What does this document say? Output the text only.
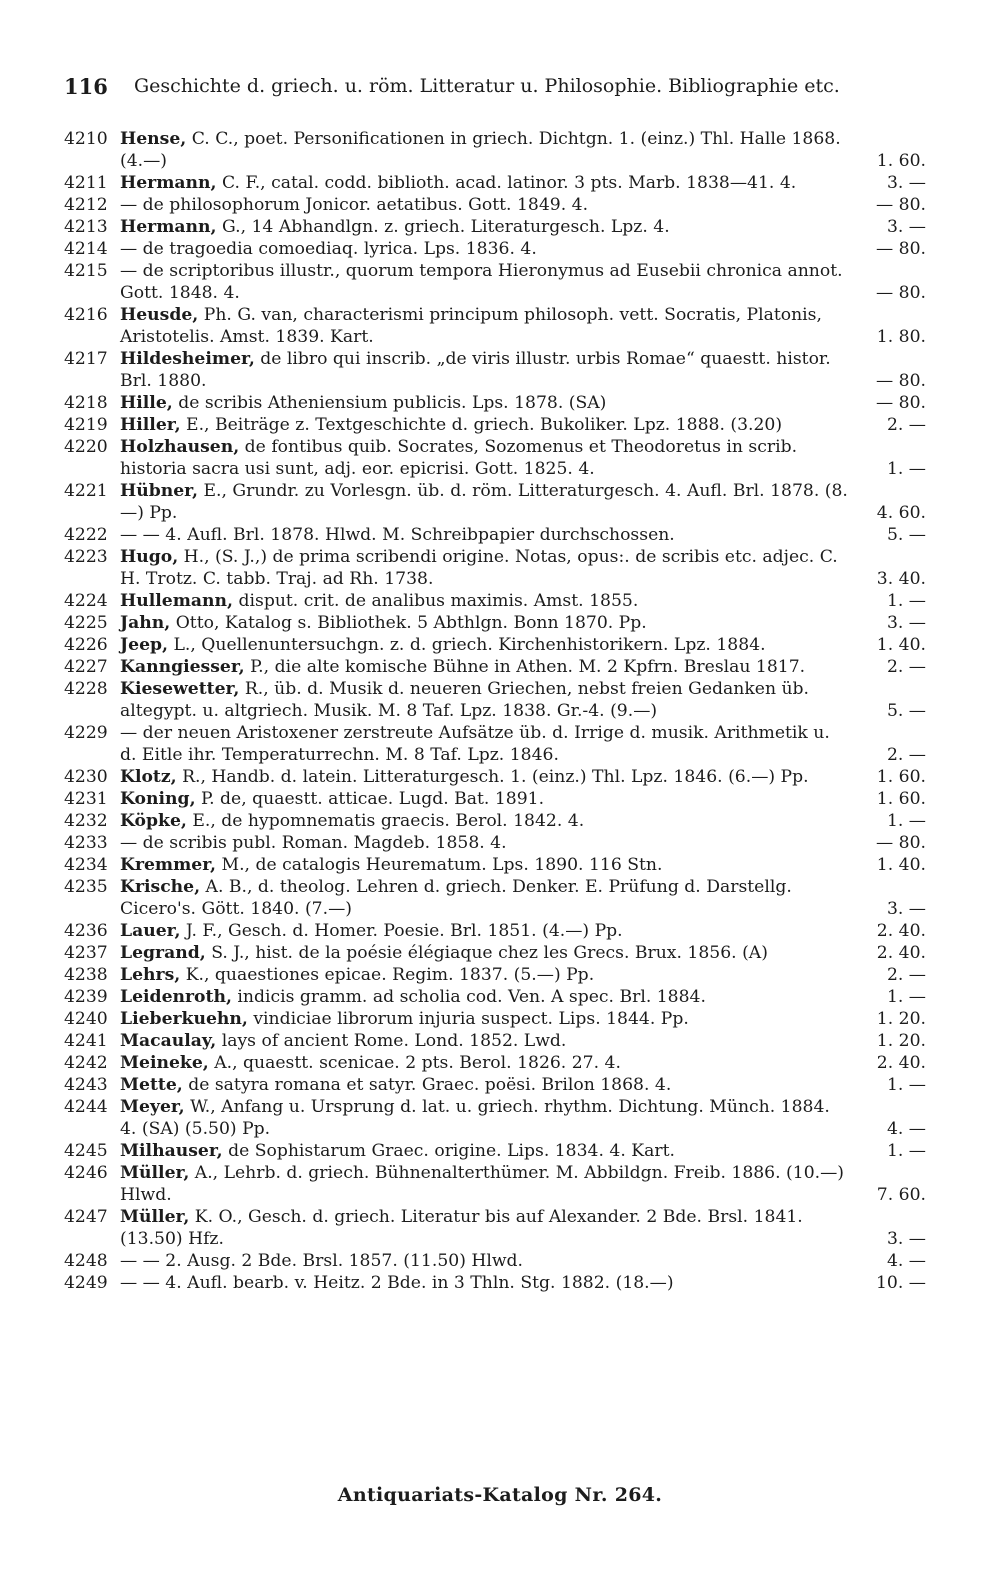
116 Geschichte d. griech. u. röm. Litteratur u. Philosophie. Bibliographie etc.
4210 Hense, C. C., poet. Personificationen in griech. Dichtgn. 1. (einz.) Thl. Halle 1868. (4.—)	1. 60.
4211 Hermann, C. F., catal. codd. biblioth. acad. latinor. 3 pts. Marb. 1838—41. 4.	3. —
4212 — de philosophorum Jonicor. aetatibus. Gott. 1849. 4.	— 80.
4213 Hermann, G., 14 Abhandlgn. z. griech. Literaturgesch. Lpz. 4.	3. —
4214 — de tragoedia comoediaq. lyrica. Lps. 1836. 4.	— 80.
4215 — de scriptoribus illustr., quorum tempora Hieronymus ad Eusebii chronica annot. Gott. 1848. 4.	— 80.
4216 Heusde, Ph. G. van, characterismi principum philosoph. vett. Socratis, Platonis, Aristotelis. Amst. 1839. Kart.	1. 80.
4217 Hildesheimer, de libro qui inscrib. „de viris illustr. urbis Romae“ quaestt. histor. Brl. 1880.	— 80.
4218 Hille, de scribis Atheniensium publicis. Lps. 1878. (SA)	— 80.
4219 Hiller, E., Beiträge z. Textgeschichte d. griech. Bukoliker. Lpz. 1888. (3.20)	2. —
4220 Holzhausen, de fontibus quib. Socrates, Sozomenus et Theodoretus in scrib. historia sacra usi sunt, adj. eor. epicrisi. Gott. 1825. 4.	1. —
4221 Hübner, E., Grundr. zu Vorlesgn. üb. d. röm. Litteraturgesch. 4. Aufl. Brl. 1878. (8.—) Pp.	4. 60.
4222 — — 4. Aufl. Brl. 1878. Hlwd. M. Schreibpapier durchschossen.	5. —
4223 Hugo, H., (S. J.,) de prima scribendi origine. Notas, opus:. de scribis etc. adjec. C. H. Trotz. C. tabb. Traj. ad Rh. 1738.	3. 40.
4224 Hullemann, disput. crit. de analibus maximis. Amst. 1855.	1. —
4225 Jahn, Otto, Katalog s. Bibliothek. 5 Abthlgn. Bonn 1870. Pp.	3. —
4226 Jeep, L., Quellenuntersuchgn. z. d. griech. Kirchenhistorikern. Lpz. 1884.	1. 40.
4227 Kanngiesser, P., die alte komische Bühne in Athen. M. 2 Kpfrn. Breslau 1817.	2. —
4228 Kiesewetter, R., üb. d. Musik d. neueren Griechen, nebst freien Gedanken üb. altegypt. u. altgriech. Musik. M. 8 Taf. Lpz. 1838. Gr.-4. (9.—)	5. —
4229 — der neuen Aristoxener zerstreute Aufsätze üb. d. Irrige d. musik. Arithmetik u. d. Eitle ihr. Temperaturrechn. M. 8 Taf. Lpz. 1846.	2. —
4230 Klotz, R., Handb. d. latein. Litteraturgesch. 1. (einz.) Thl. Lpz. 1846. (6.—) Pp.	1. 60.
4231 Koning, P. de, quaestt. atticae. Lugd. Bat. 1891.	1. 60.
4232 Köpke, E., de hypomnematis graecis. Berol. 1842. 4.	1. —
4233 — de scribis publ. Roman. Magdeb. 1858. 4.	— 80.
4234 Kremmer, M., de catalogis Heurematum. Lps. 1890. 116 Stn.	1. 40.
4235 Krische, A. B., d. theolog. Lehren d. griech. Denker. E. Prüfung d. Darstellg. Cicero's. Gött. 1840. (7.—)	3. —
4236 Lauer, J. F., Gesch. d. Homer. Poesie. Brl. 1851. (4.—) Pp.	2. 40.
4237 Legrand, S. J., hist. de la poésie élégiaque chez les Grecs. Brux. 1856. (A)	2. 40.
4238 Lehrs, K., quaestiones epicae. Regim. 1837. (5.—) Pp.	2. —
4239 Leidenroth, indicis gramm. ad scholia cod. Ven. A spec. Brl. 1884.	1. —
4240 Lieberkuehn, vindiciae librorum injuria suspect. Lips. 1844. Pp.	1. 20.
4241 Macaulay, lays of ancient Rome. Lond. 1852. Lwd.	1. 20.
4242 Meineke, A., quaestt. scenicae. 2 pts. Berol. 1826. 27. 4.	2. 40.
4243 Mette, de satyra romana et satyr. Graec. poësi. Brilon 1868. 4.	1. —
4244 Meyer, W., Anfang u. Ursprung d. lat. u. griech. rhythm. Dichtung. Münch. 1884. 4. (SA) (5.50) Pp.	4. —
4245 Milhauser, de Sophistarum Graec. origine. Lips. 1834. 4. Kart.	1. —
4246 Müller, A., Lehrb. d. griech. Bühnenalterthümer. M. Abbildgn. Freib. 1886. (10.—) Hlwd.	7. 60.
4247 Müller, K. O., Gesch. d. griech. Literatur bis auf Alexander. 2 Bde. Brsl. 1841. (13.50) Hfz.	3. —
4248 — — 2. Ausg. 2 Bde. Brsl. 1857. (11.50) Hlwd.	4. —
4249 — — 4. Aufl. bearb. v. Heitz. 2 Bde. in 3 Thln. Stg. 1882. (18.—)	10. —
Antiquariats-Katalog Nr. 264.
